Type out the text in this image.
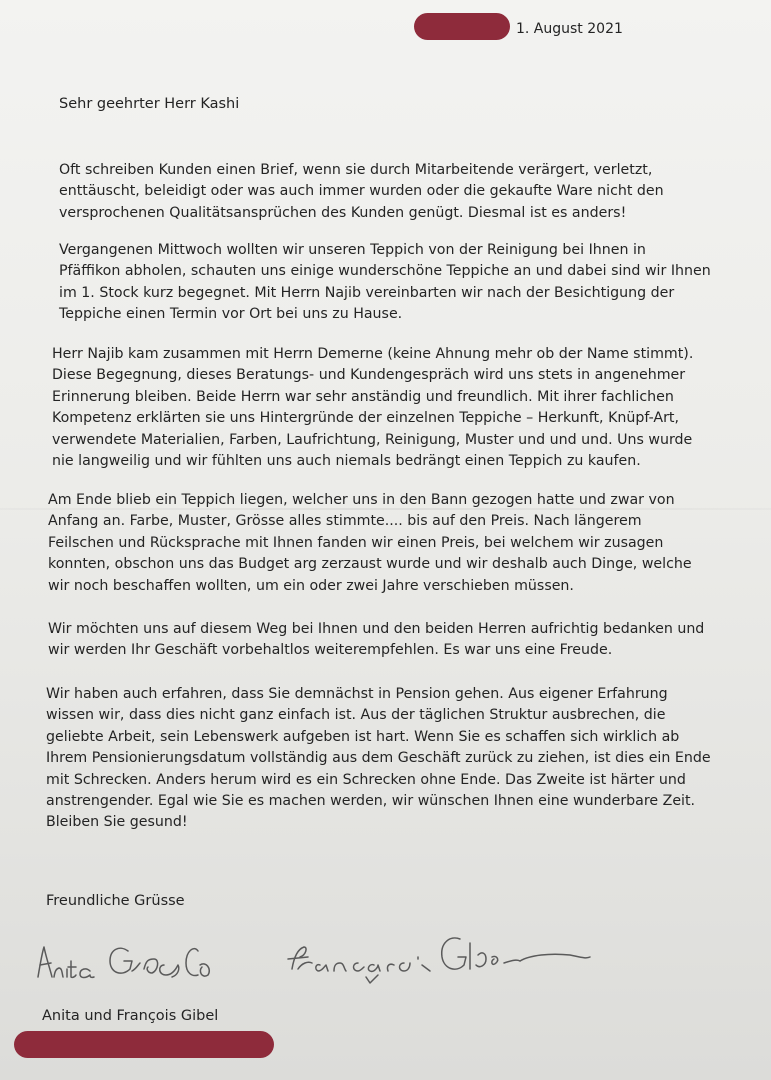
1. August 2021
Sehr geehrter Herr Kashi

Oft schreiben Kunden einen Brief, wenn sie durch Mitarbeitende verärgert, verletzt,
enttäuscht, beleidigt oder was auch immer wurden oder die gekaufte Ware nicht den
versprochenen Qualitätsansprüchen des Kunden genügt. Diesmal ist es anders!

Vergangenen Mittwoch wollten wir unseren Teppich von der Reinigung bei Ihnen in
Pfäffikon abholen, schauten uns einige wunderschöne Teppiche an und dabei sind wir Ihnen
im 1. Stock kurz begegnet. Mit Herrn Najib vereinbarten wir nach der Besichtigung der
Teppiche einen Termin vor Ort bei uns zu Hause.

Herr Najib kam zusammen mit Herrn Demerne (keine Ahnung mehr ob der Name stimmt).
Diese Begegnung, dieses Beratungs- und Kundengespräch wird uns stets in angenehmer
Erinnerung bleiben. Beide Herrn war sehr anständig und freundlich. Mit ihrer fachlichen
Kompetenz erklärten sie uns Hintergründe der einzelnen Teppiche – Herkunft, Knüpf-Art,
verwendete Materialien, Farben, Laufrichtung, Reinigung, Muster und und und. Uns wurde
nie langweilig und wir fühlten uns auch niemals bedrängt einen Teppich zu kaufen.

Am Ende blieb ein Teppich liegen, welcher uns in den Bann gezogen hatte und zwar von
Anfang an. Farbe, Muster, Grösse alles stimmte.... bis auf den Preis. Nach längerem
Feilschen und Rücksprache mit Ihnen fanden wir einen Preis, bei welchem wir zusagen
konnten, obschon uns das Budget arg zerzaust wurde und wir deshalb auch Dinge, welche
wir noch beschaffen wollten, um ein oder zwei Jahre verschieben müssen.

Wir möchten uns auf diesem Weg bei Ihnen und den beiden Herren aufrichtig bedanken und
wir werden Ihr Geschäft vorbehaltlos weiterempfehlen. Es war uns eine Freude.

Wir haben auch erfahren, dass Sie demnächst in Pension gehen. Aus eigener Erfahrung
wissen wir, dass dies nicht ganz einfach ist. Aus der täglichen Struktur ausbrechen, die
geliebte Arbeit, sein Lebenswerk aufgeben ist hart. Wenn Sie es schaffen sich wirklich ab
Ihrem Pensionierungsdatum vollständig aus dem Geschäft zurück zu ziehen, ist dies ein Ende
mit Schrecken. Anders herum wird es ein Schrecken ohne Ende. Das Zweite ist härter und
anstrengender. Egal wie Sie es machen werden, wir wünschen Ihnen eine wunderbare Zeit.
Bleiben Sie gesund!

Freundliche Grüsse
Anita und François Gibel
